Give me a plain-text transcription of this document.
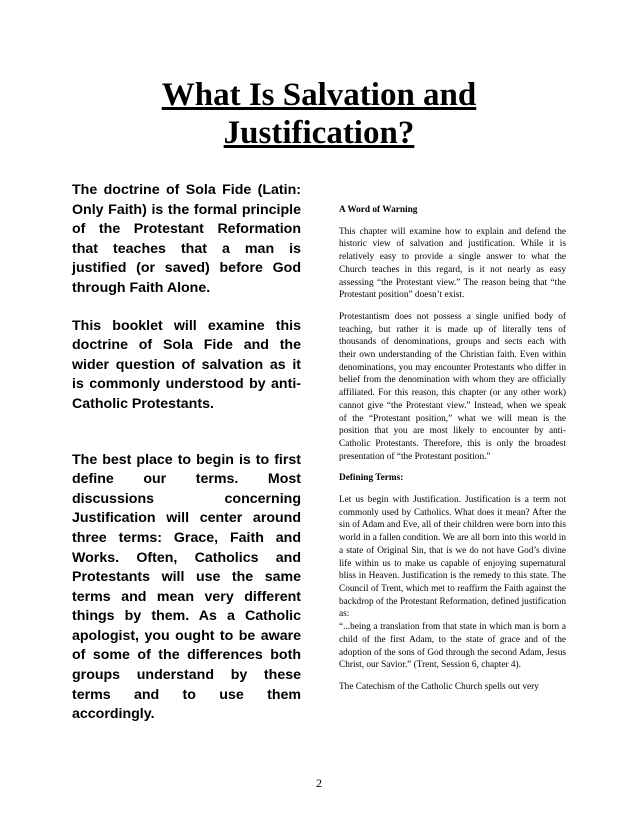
What Is Salvation and
Justification?

The doctrine of Sola Fide (Latin: Only Faith) is the formal principle of the Protestant Reformation that teaches that a man is justified (or saved) before God through Faith Alone.

This booklet will examine this doctrine of Sola Fide and the wider question of salvation as it is commonly understood by anti-Catholic Protestants.

The best place to begin is to first define our terms. Most discussions concerning Justification will center around three terms: Grace, Faith and Works. Often, Catholics and Protestants will use the same terms and mean very different things by them. As a Catholic apologist, you ought to be aware of some of the differences both groups understand by these terms and to use them accordingly.

A Word of Warning

This chapter will examine how to explain and defend the historic view of salvation and justification. While it is relatively easy to provide a single answer to what the Church teaches in this regard, is it not nearly as easy assessing “the Protestant view.” The reason being that “the Protestant position” doesn’t exist.

Protestantism does not possess a single unified body of teaching, but rather it is made up of literally tens of thousands of denominations, groups and sects each with their own understanding of the Christian faith. Even within denominations, you may encounter Protestants who differ in belief from the denomination with whom they are officially affiliated. For this reason, this chapter (or any other work) cannot give “the Protestant view.” Instead, when we speak of the “Protestant position,” what we will mean is the position that you are most likely to encounter by anti-Catholic Protestants. Therefore, this is only the broadest presentation of “the Protestant position.”

Defining Terms:

Let us begin with Justification. Justification is a term not commonly used by Catholics. What does it mean? After the sin of Adam and Eve, all of their children were born into this world in a fallen condition. We are all born into this world in a state of Original Sin, that is we do not have God’s divine life within us to make us capable of enjoying supernatural bliss in Heaven. Justification is the remedy to this state. The Council of Trent, which met to reaffirm the Faith against the backdrop of the Protestant Reformation, defined justification as:

“...being a translation from that state in which man is born a child of the first Adam, to the state of grace and of the adoption of the sons of God through the second Adam, Jesus Christ, our Savior.” (Trent, Session 6, chapter 4).

The Catechism of the Catholic Church spells out very

2
